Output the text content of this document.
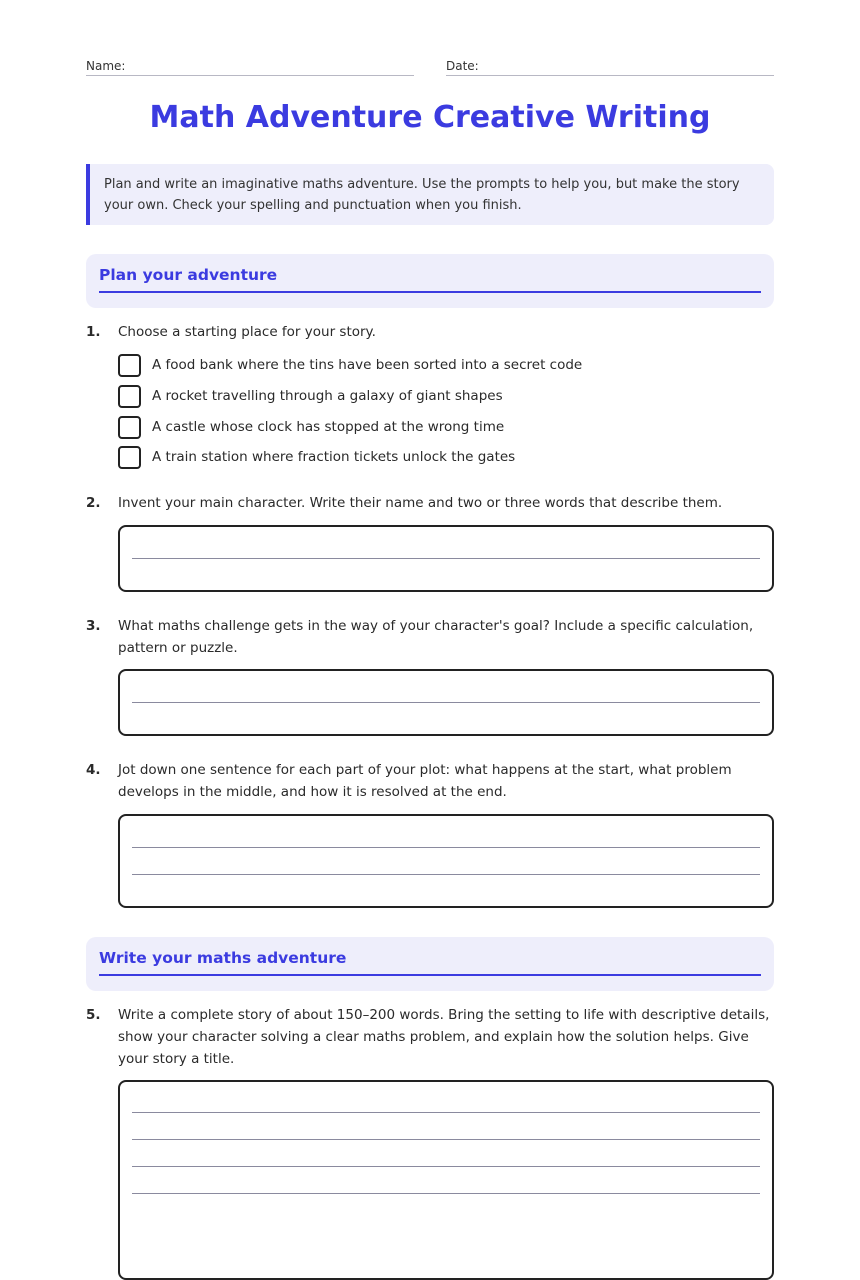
Name:	Date:
Math Adventure Creative Writing
Plan and write an imaginative maths adventure. Use the prompts to help you, but make the story your own. Check your spelling and punctuation when you finish.
Plan your adventure
1. Choose a starting place for your story.
A food bank where the tins have been sorted into a secret code
A rocket travelling through a galaxy of giant shapes
A castle whose clock has stopped at the wrong time
A train station where fraction tickets unlock the gates
2. Invent your main character. Write their name and two or three words that describe them.
3. What maths challenge gets in the way of your character's goal? Include a specific calculation, pattern or puzzle.
4. Jot down one sentence for each part of your plot: what happens at the start, what problem develops in the middle, and how it is resolved at the end.
Write your maths adventure
5. Write a complete story of about 150–200 words. Bring the setting to life with descriptive details, show your character solving a clear maths problem, and explain how the solution helps. Give your story a title.
